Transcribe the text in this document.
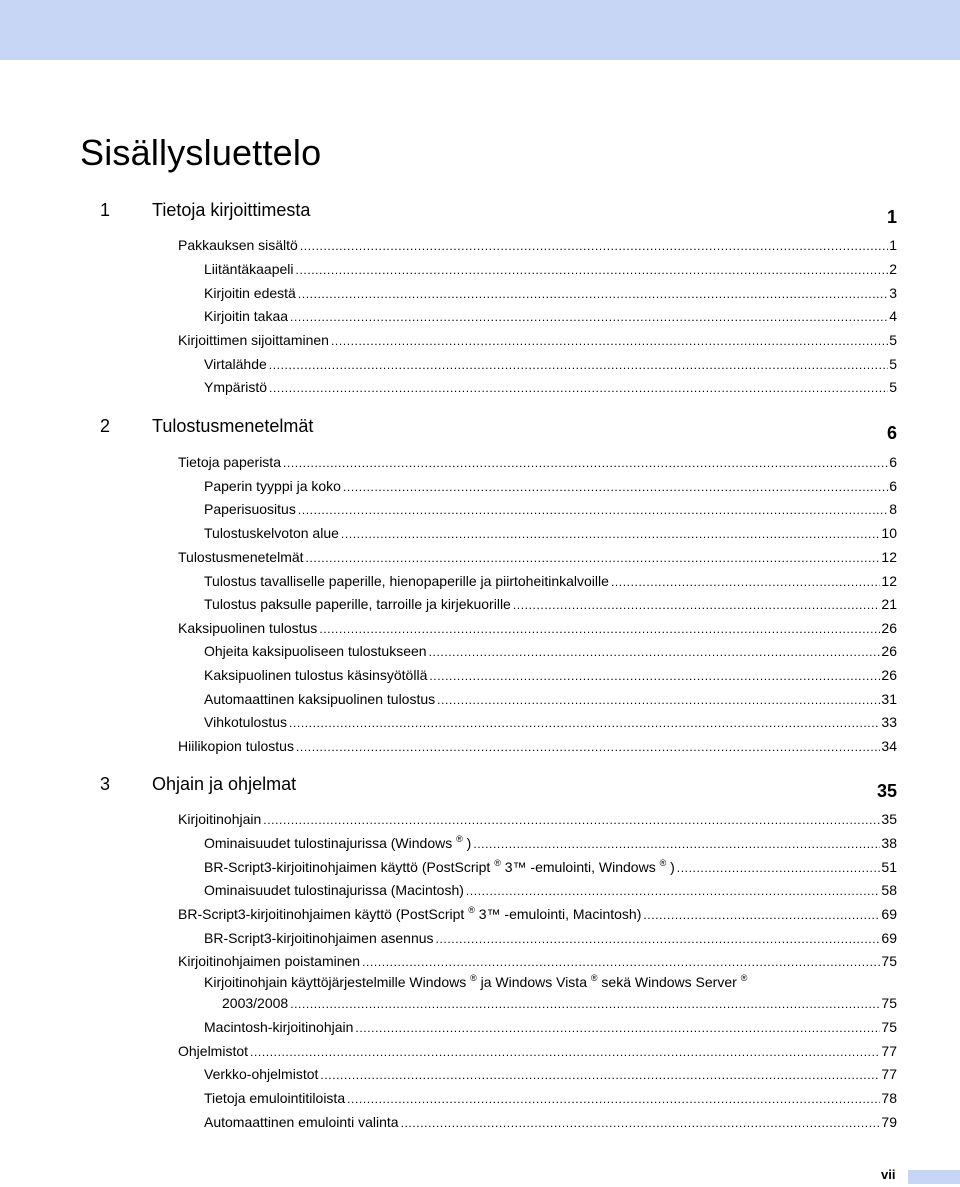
Sisällysluettelo
1 Tietoja kirjoittimesta	1
Pakkauksen sisältö .....	1
Liitäntäkaapeli .....	2
Kirjoitin edestä .....	3
Kirjoitin takaa .....	4
Kirjoittimen sijoittaminen .....	5
Virtalähde .....	5
Ympäristö .....	5
2 Tulostusmenetelmät	6
Tietoja paperista .....	6
Paperin tyyppi ja koko .....	6
Paperisuositus .....	8
Tulostuskelvoton alue .....	10
Tulostusmenetelmät .....	12
Tulostus tavalliselle paperille, hienopaperille ja piirtoheitinkalvoille .....	12
Tulostus paksulle paperille, tarroille ja kirjekuorille .....	21
Kaksipuolinen tulostus .....	26
Ohjeita kaksipuoliseen tulostukseen .....	26
Kaksipuolinen tulostus käsinsyötöllä .....	26
Automaattinen kaksipuolinen tulostus .....	31
Vihkotulostus .....	33
Hiilikopion tulostus .....	34
3 Ohjain ja ohjelmat	35
Kirjoitinohjain .....	35
Ominaisuudet tulostinajurissa (Windows ® ) .....	38
BR-Script3-kirjoitinohjaimen käyttö (PostScript ® 3™ -emulointi, Windows ® ) .....	51
Ominaisuudet tulostinajurissa (Macintosh) .....	58
BR-Script3-kirjoitinohjaimen käyttö (PostScript ® 3™ -emulointi, Macintosh) .....	69
BR-Script3-kirjoitinohjaimen asennus .....	69
Kirjoitinohjaimen poistaminen .....	75
Kirjoitinohjain käyttöjärjestelmille Windows ® ja Windows Vista ® sekä Windows Server ®
2003/2008 .....	75
Macintosh-kirjoitinohjain .....	75
Ohjelmistot .....	77
Verkko-ohjelmistot .....	77
Tietoja emulointitiloista .....	78
Automaattinen emulointi valinta .....	79
vii
